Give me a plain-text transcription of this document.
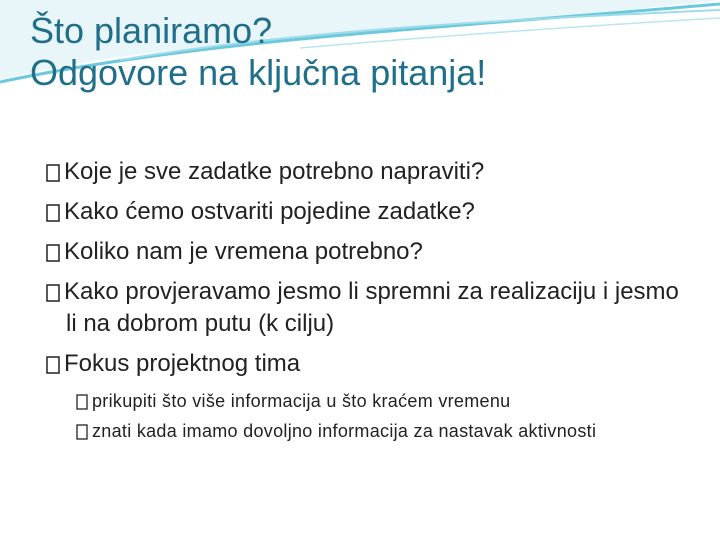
Što planiramo?
Odgovore na ključna pitanja!

Koje je sve zadatke potrebno napraviti?

Kako ćemo ostvariti pojedine zadatke?

Koliko nam je vremena potrebno?

Kako provjeravamo jesmo li spremni za realizaciju i jesmo li na dobrom putu (k cilju)

Fokus projektnog tima

prikupiti što više informacija u što kraćem vremenu

znati kada imamo dovoljno informacija za nastavak aktivnosti
